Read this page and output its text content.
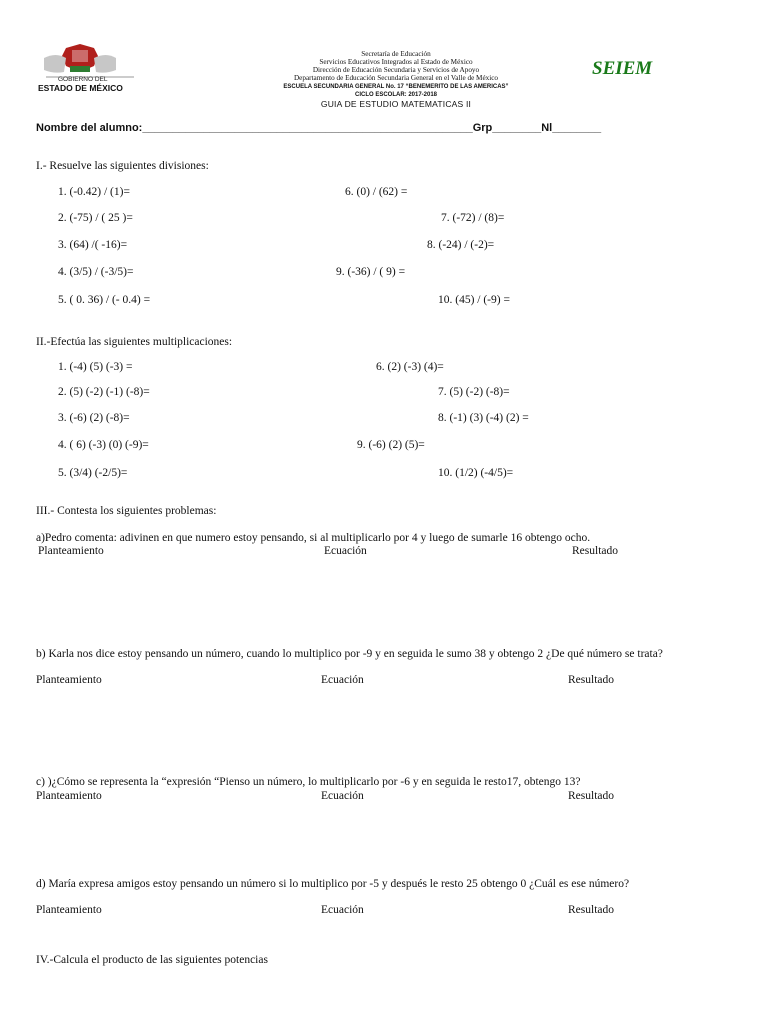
GOBIERNO DEL
ESTADO DE MÉXICO
Secretaría de Educación
Servicios Educativos Integrados al Estado de México
Dirección de Educación Secundaria y Servicios de Apoyo
Departamento de Educación Secundaria General en el Valle de México
ESCUELA SECUNDARIA GENERAL No. 17 “BENEMERITO DE LAS AMERICAS”
CICLO ESCOLAR: 2017-2018
GUIA DE ESTUDIO MATEMATICAS II
SEIEM
Nombre del alumno:______________________________________________________Grp________Nl________
I.- Resuelve las siguientes divisiones:
1. (-0.42) / (1)=	6. (0) / (62) =
2. (-75) / ( 25 )=	7. (-72) / (8)=
3. (64) /( -16)=	8. (-24) / (-2)=
4. (3/5) / (-3/5)=	9. (-36) / ( 9) =
5. ( 0. 36) / (- 0.4) =	10. (45) / (-9) =
II.-Efectúa las siguientes multiplicaciones:
1. (-4) (5) (-3) =	6. (2) (-3) (4)=
2. (5) (-2) (-1) (-8)=	7. (5) (-2) (-8)=
3. (-6) (2) (-8)=	8. (-1) (3) (-4) (2) =
4. ( 6) (-3) (0) (-9)=	9. (-6) (2) (5)=
5. (3/4) (-2/5)=	10. (1/2) (-4/5)=
III.- Contesta los siguientes problemas:
a)Pedro comenta: adivinen en que numero estoy pensando, si al multiplicarlo por 4 y luego de sumarle 16 obtengo ocho.
Planteamiento	Ecuación	Resultado
b) Karla nos dice estoy pensando un número, cuando lo multiplico por -9 y en seguida le sumo 38 y obtengo 2 ¿De qué número se trata?
Planteamiento	Ecuación	Resultado
c) )¿Cómo se representa la “expresión “Pienso un número, lo multiplicarlo por -6 y en seguida le resto17, obtengo 13?
Planteamiento	Ecuación	Resultado
d) María expresa amigos estoy pensando un número si lo multiplico por -5 y después le resto 25 obtengo 0 ¿Cuál es ese número?
Planteamiento	Ecuación	Resultado
IV.-Calcula el producto de las siguientes potencias
